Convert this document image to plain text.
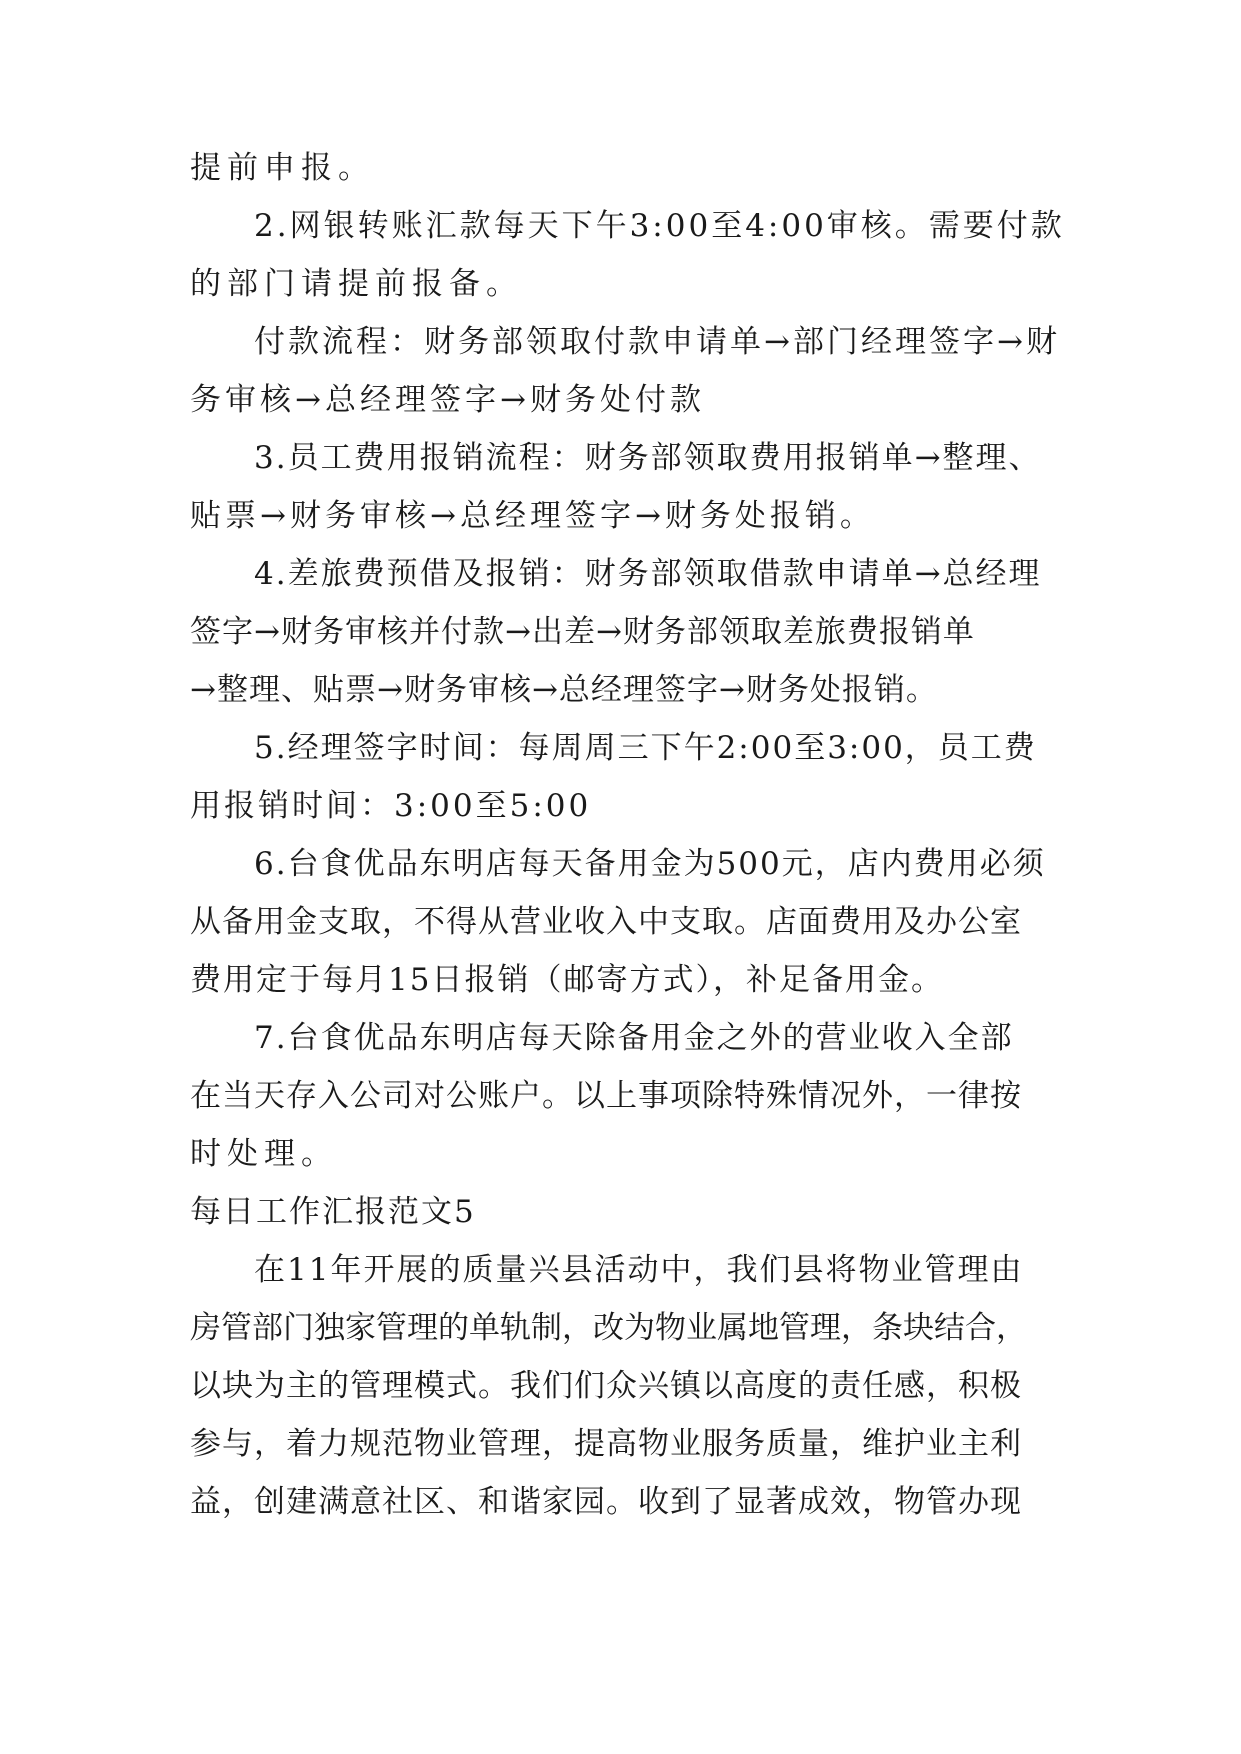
提前申报。
2.网银转账汇款每天下午3:00至4:00审核。需要付款
的部门请提前报备。
付款流程：财务部领取付款申请单→部门经理签字→财
务审核→总经理签字→财务处付款
3.员工费用报销流程：财务部领取费用报销单→整理、
贴票→财务审核→总经理签字→财务处报销。
4.差旅费预借及报销：财务部领取借款申请单→总经理
签字→财务审核并付款→出差→财务部领取差旅费报销单
→整理、贴票→财务审核→总经理签字→财务处报销。
5.经理签字时间：每周周三下午2:00至3:00，员工费
用报销时间：3:00至5:00
6.台食优品东明店每天备用金为500元，店内费用必须
从备用金支取，不得从营业收入中支取。店面费用及办公室
费用定于每月15日报销（邮寄方式），补足备用金。
7.台食优品东明店每天除备用金之外的营业收入全部
在当天存入公司对公账户。以上事项除特殊情况外，一律按
时处理。
每日工作汇报范文5
在11年开展的质量兴县活动中，我们县将物业管理由
房管部门独家管理的单轨制，改为物业属地管理，条块结合，
以块为主的管理模式。我们们众兴镇以高度的责任感，积极
参与，着力规范物业管理，提高物业服务质量，维护业主利
益，创建满意社区、和谐家园。收到了显著成效，物管办现
